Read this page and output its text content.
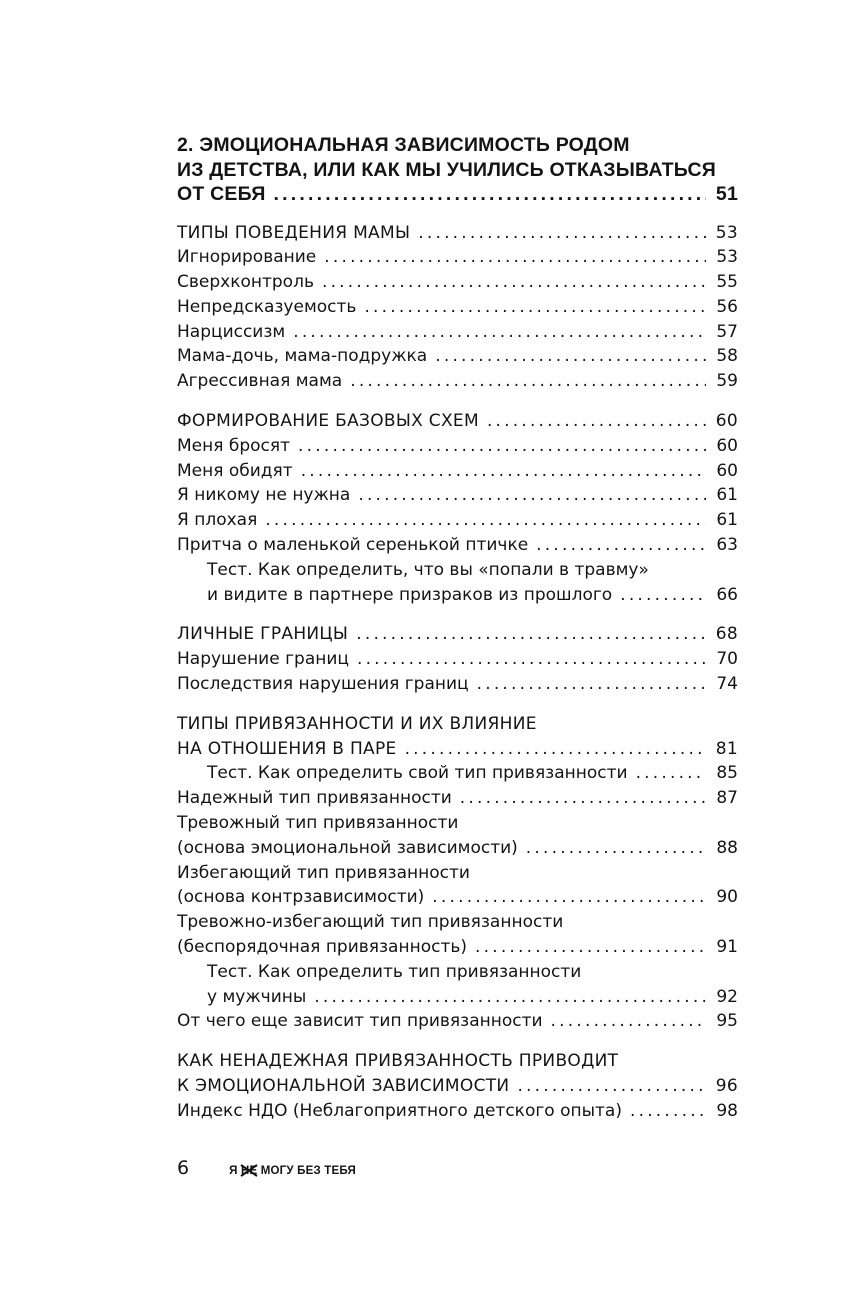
2. ЭМОЦИОНАЛЬНАЯ ЗАВИСИМОСТЬ РОДОМ
ИЗ ДЕТСТВА, ИЛИ КАК МЫ УЧИЛИСЬ ОТКАЗЫВАТЬСЯ
ОТ СЕБЯ .....	51
ТИПЫ ПОВЕДЕНИЯ МАМЫ .....	53
Игнорирование .....	53
Сверхконтроль .....	55
Непредсказуемость .....	56
Нарциссизм .....	57
Мама-дочь, мама-подружка .....	58
Агрессивная мама .....	59
ФОРМИРОВАНИЕ БАЗОВЫХ СХЕМ .....	60
Меня бросят .....	60
Меня обидят .....	60
Я никому не нужна .....	61
Я плохая .....	61
Притча о маленькой серенькой птичке .....	63
Тест. Как определить, что вы «попали в травму»
и видите в партнере призраков из прошлого .....	66
ЛИЧНЫЕ ГРАНИЦЫ .....	68
Нарушение границ .....	70
Последствия нарушения границ .....	74
ТИПЫ ПРИВЯЗАННОСТИ И ИХ ВЛИЯНИЕ
НА ОТНОШЕНИЯ В ПАРЕ .....	81
Тест. Как определить свой тип привязанности .....	85
Надежный тип привязанности .....	87
Тревожный тип привязанности
(основа эмоциональной зависимости) .....	88
Избегающий тип привязанности
(основа контрзависимости) .....	90
Тревожно-избегающий тип привязанности
(беспорядочная привязанность) .....	91
Тест. Как определить тип привязанности
у мужчины .....	92
От чего еще зависит тип привязанности .....	95
КАК НЕНАДЕЖНАЯ ПРИВЯЗАННОСТЬ ПРИВОДИТ
К ЭМОЦИОНАЛЬНОЙ ЗАВИСИМОСТИ .....	96
Индекс НДО (Неблагоприятного детского опыта) .....	98
6	Я НЕ
МОГУ БЕЗ ТЕБЯ
